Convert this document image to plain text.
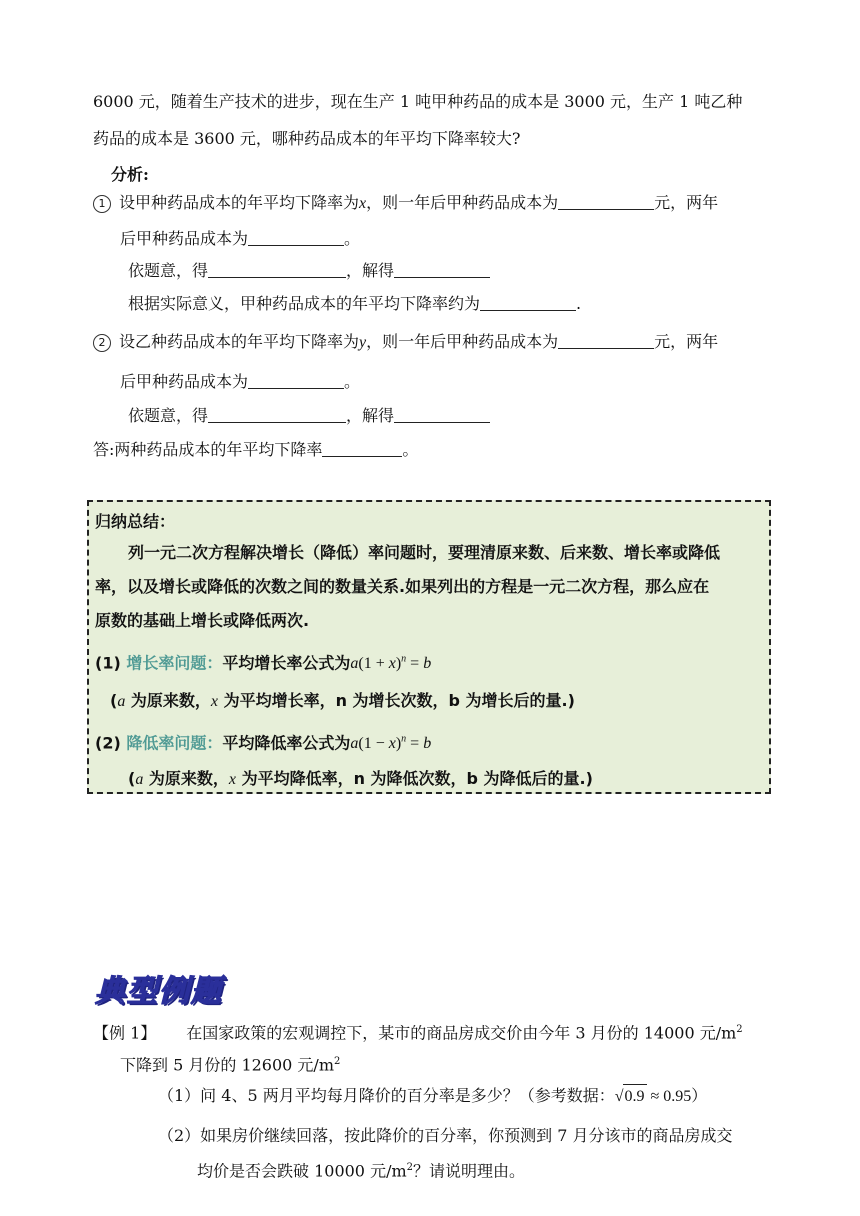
6000 元，随着生产技术的进步，现在生产 1 吨甲种药品的成本是 3000 元，生产 1 吨乙种
药品的成本是 3600 元，哪种药品成本的年平均下降率较大?
分析:
1 设甲种药品成本的年平均下降率为x，则一年后甲种药品成本为	元，两年
后甲种药品成本为	。
依题意，得	，解得
根据实际意义，甲种药品成本的年平均下降率约为	.
2 设乙种药品成本的年平均下降率为y，则一年后甲种药品成本为	元，两年
后甲种药品成本为	。
依题意，得	，解得
答:两种药品成本的年平均下降率	。
归纳总结：
列一元二次方程解决增长（降低）率问题时，要理清原来数、后来数、增长率或降低
率，以及增长或降低的次数之间的数量关系.如果列出的方程是一元二次方程，那么应在
原数的基础上增长或降低两次.
(1) 增长率问题：平均增长率公式为$a(1 + x)^n = b$
(a 为原来数，x 为平均增长率，n 为增长次数，b 为增长后的量.)
(2) 降低率问题：平均降低率公式为$a(1 - x)^n = b$
(a 为原来数，x 为平均降低率，n 为降低次数，b 为降低后的量.)
典型例题
【例 1】 在国家政策的宏观调控下，某市的商品房成交价由今年 3 月份的 14000 元$/m^2$
下降到 5 月份的 12600 元$/m^2$
（1）问 4、5 两月平均每月降价的百分率是多少？（参考数据：√0.9 ≈ 0.95）
（2）如果房价继续回落，按此降价的百分率，你预测到 7 月分该市的商品房成交
均价是否会跌破 10000 元$/m^2$？请说明理由。
